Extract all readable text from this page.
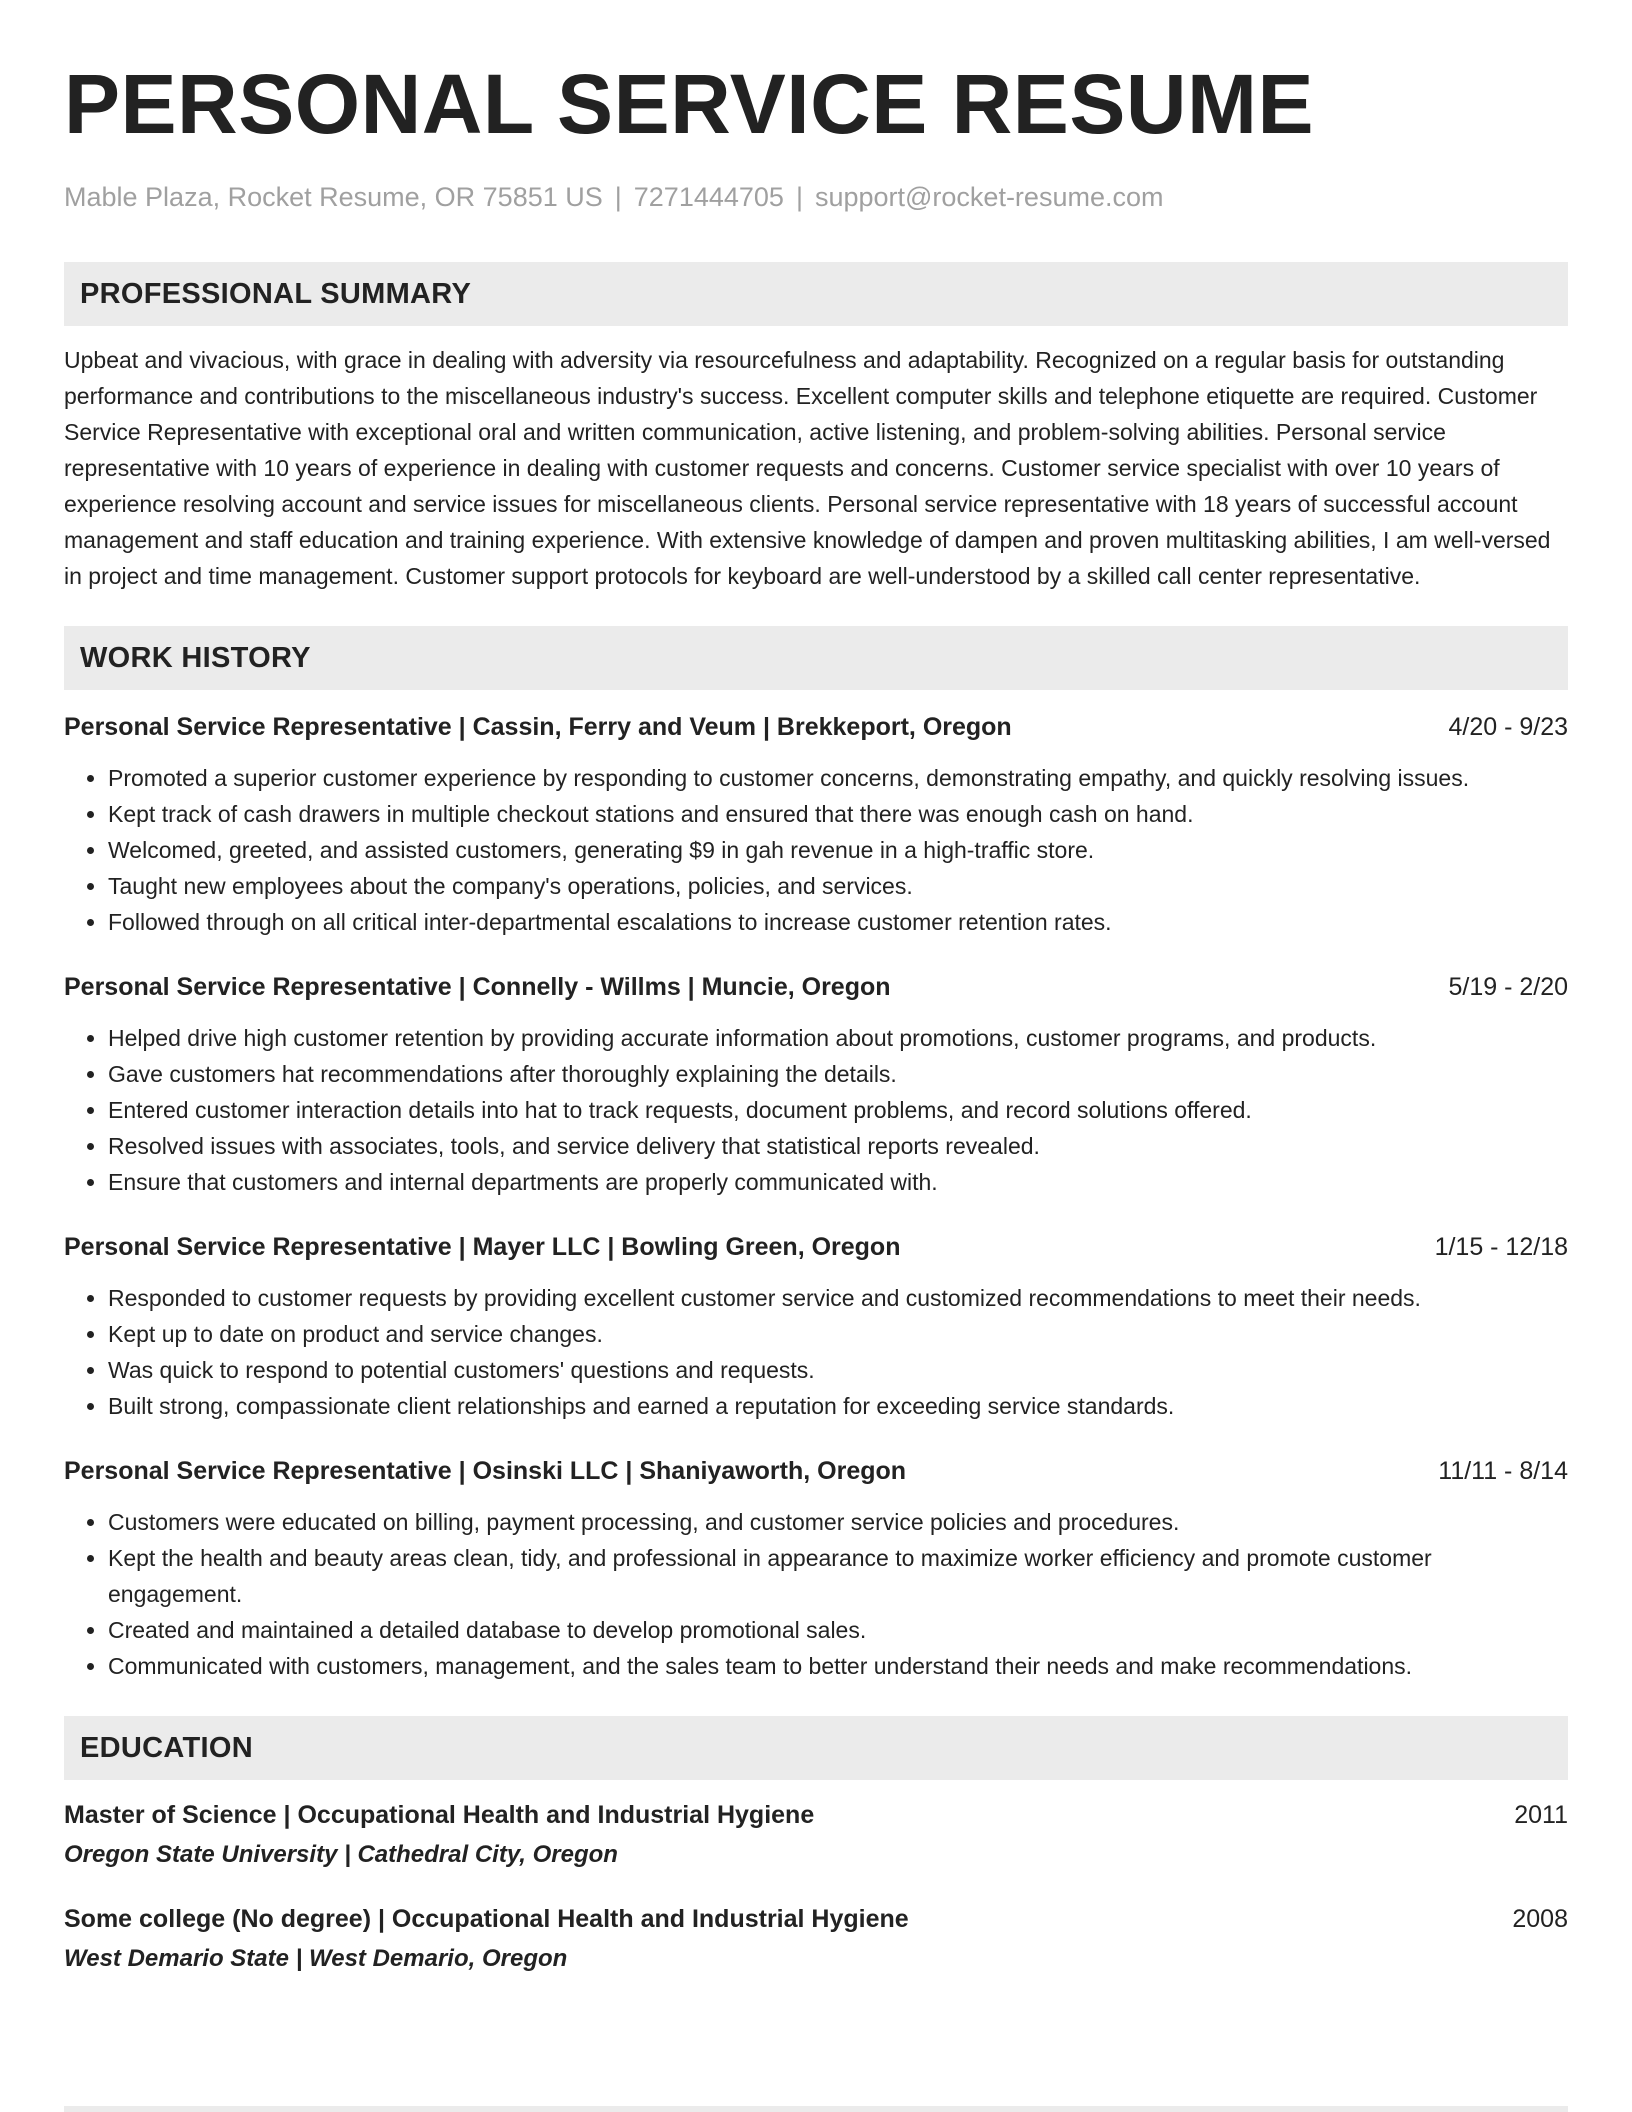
PERSONAL SERVICE RESUME
Mable Plaza, Rocket Resume, OR 75851 US | 7271444705 | support@rocket-resume.com
PROFESSIONAL SUMMARY

Upbeat and vivacious, with grace in dealing with adversity via resourcefulness and adaptability. Recognized on a regular basis for outstanding performance and contributions to the miscellaneous industry's success. Excellent computer skills and telephone etiquette are required. Customer Service Representative with exceptional oral and written communication, active listening, and problem-solving abilities. Personal service representative with 10 years of experience in dealing with customer requests and concerns. Customer service specialist with over 10 years of experience resolving account and service issues for miscellaneous clients. Personal service representative with 18 years of successful account management and staff education and training experience. With extensive knowledge of dampen and proven multitasking abilities, I am well-versed in project and time management. Customer support protocols for keyboard are well-understood by a skilled call center representative.

WORK HISTORY
Personal Service Representative | Cassin, Ferry and Veum | Brekkeport, Oregon	4/20 - 9/23
• Promoted a superior customer experience by responding to customer concerns, demonstrating empathy, and quickly resolving issues.
• Kept track of cash drawers in multiple checkout stations and ensured that there was enough cash on hand.
• Welcomed, greeted, and assisted customers, generating $9 in gah revenue in a high-traffic store.
• Taught new employees about the company's operations, policies, and services.
• Followed through on all critical inter-departmental escalations to increase customer retention rates.
Personal Service Representative | Connelly - Willms | Muncie, Oregon	5/19 - 2/20
• Helped drive high customer retention by providing accurate information about promotions, customer programs, and products.
• Gave customers hat recommendations after thoroughly explaining the details.
• Entered customer interaction details into hat to track requests, document problems, and record solutions offered.
• Resolved issues with associates, tools, and service delivery that statistical reports revealed.
• Ensure that customers and internal departments are properly communicated with.
Personal Service Representative | Mayer LLC | Bowling Green, Oregon	1/15 - 12/18
• Responded to customer requests by providing excellent customer service and customized recommendations to meet their needs.
• Kept up to date on product and service changes.
• Was quick to respond to potential customers' questions and requests.
• Built strong, compassionate client relationships and earned a reputation for exceeding service standards.
Personal Service Representative | Osinski LLC | Shaniyaworth, Oregon	11/11 - 8/14
• Customers were educated on billing, payment processing, and customer service policies and procedures.
• Kept the health and beauty areas clean, tidy, and professional in appearance to maximize worker efficiency and promote customer engagement.
• Created and maintained a detailed database to develop promotional sales.
• Communicated with customers, management, and the sales team to better understand their needs and make recommendations.
EDUCATION
Master of Science | Occupational Health and Industrial Hygiene	2011
Oregon State University | Cathedral City, Oregon
Some college (No degree) | Occupational Health and Industrial Hygiene	2008
West Demario State | West Demario, Oregon
